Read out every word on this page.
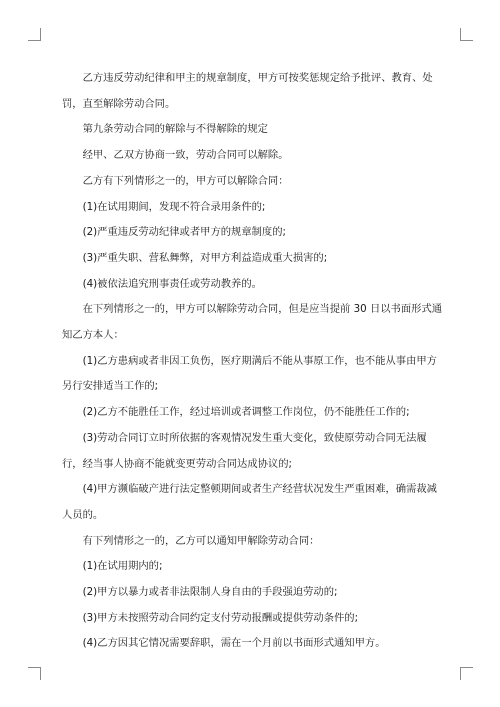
乙方违反劳动纪律和甲主的规章制度，甲方可按奖惩规定给予批评、教育、处罚，直至解除劳动合同。

第九条劳动合同的解除与不得解除的规定

经甲、乙双方协商一致，劳动合同可以解除。

乙方有下列情形之一的，甲方可以解除合同：

(1)在试用期间，发现不符合录用条件的;

(2)严重违反劳动纪律或者甲方的规章制度的;

(3)严重失职、营私舞弊，对甲方利益造成重大损害的;

(4)被依法追究刑事责任或劳动教养的。

在下列情形之一的，甲方可以解除劳动合同，但是应当提前 30 日以书面形式通知乙方本人：

(1)乙方患病或者非因工负伤，医疗期满后不能从事原工作，也不能从事由甲方另行安排适当工作的;

(2)乙方不能胜任工作，经过培训或者调整工作岗位，仍不能胜任工作的;

(3)劳动合同订立时所依据的客观情况发生重大变化，致使原劳动合同无法履行，经当事人协商不能就变更劳动合同达成协议的;

(4)甲方濒临破产进行法定整顿期间或者生产经营状况发生严重困难，确需裁减人员的。

有下列情形之一的，乙方可以通知甲解除劳动合同：

(1)在试用期内的;

(2)甲方以暴力或者非法限制人身自由的手段强迫劳动的;

(3)甲方未按照劳动合同约定支付劳动报酬或提供劳动条件的;

(4)乙方因其它情况需要辞职，需在一个月前以书面形式通知甲方。
